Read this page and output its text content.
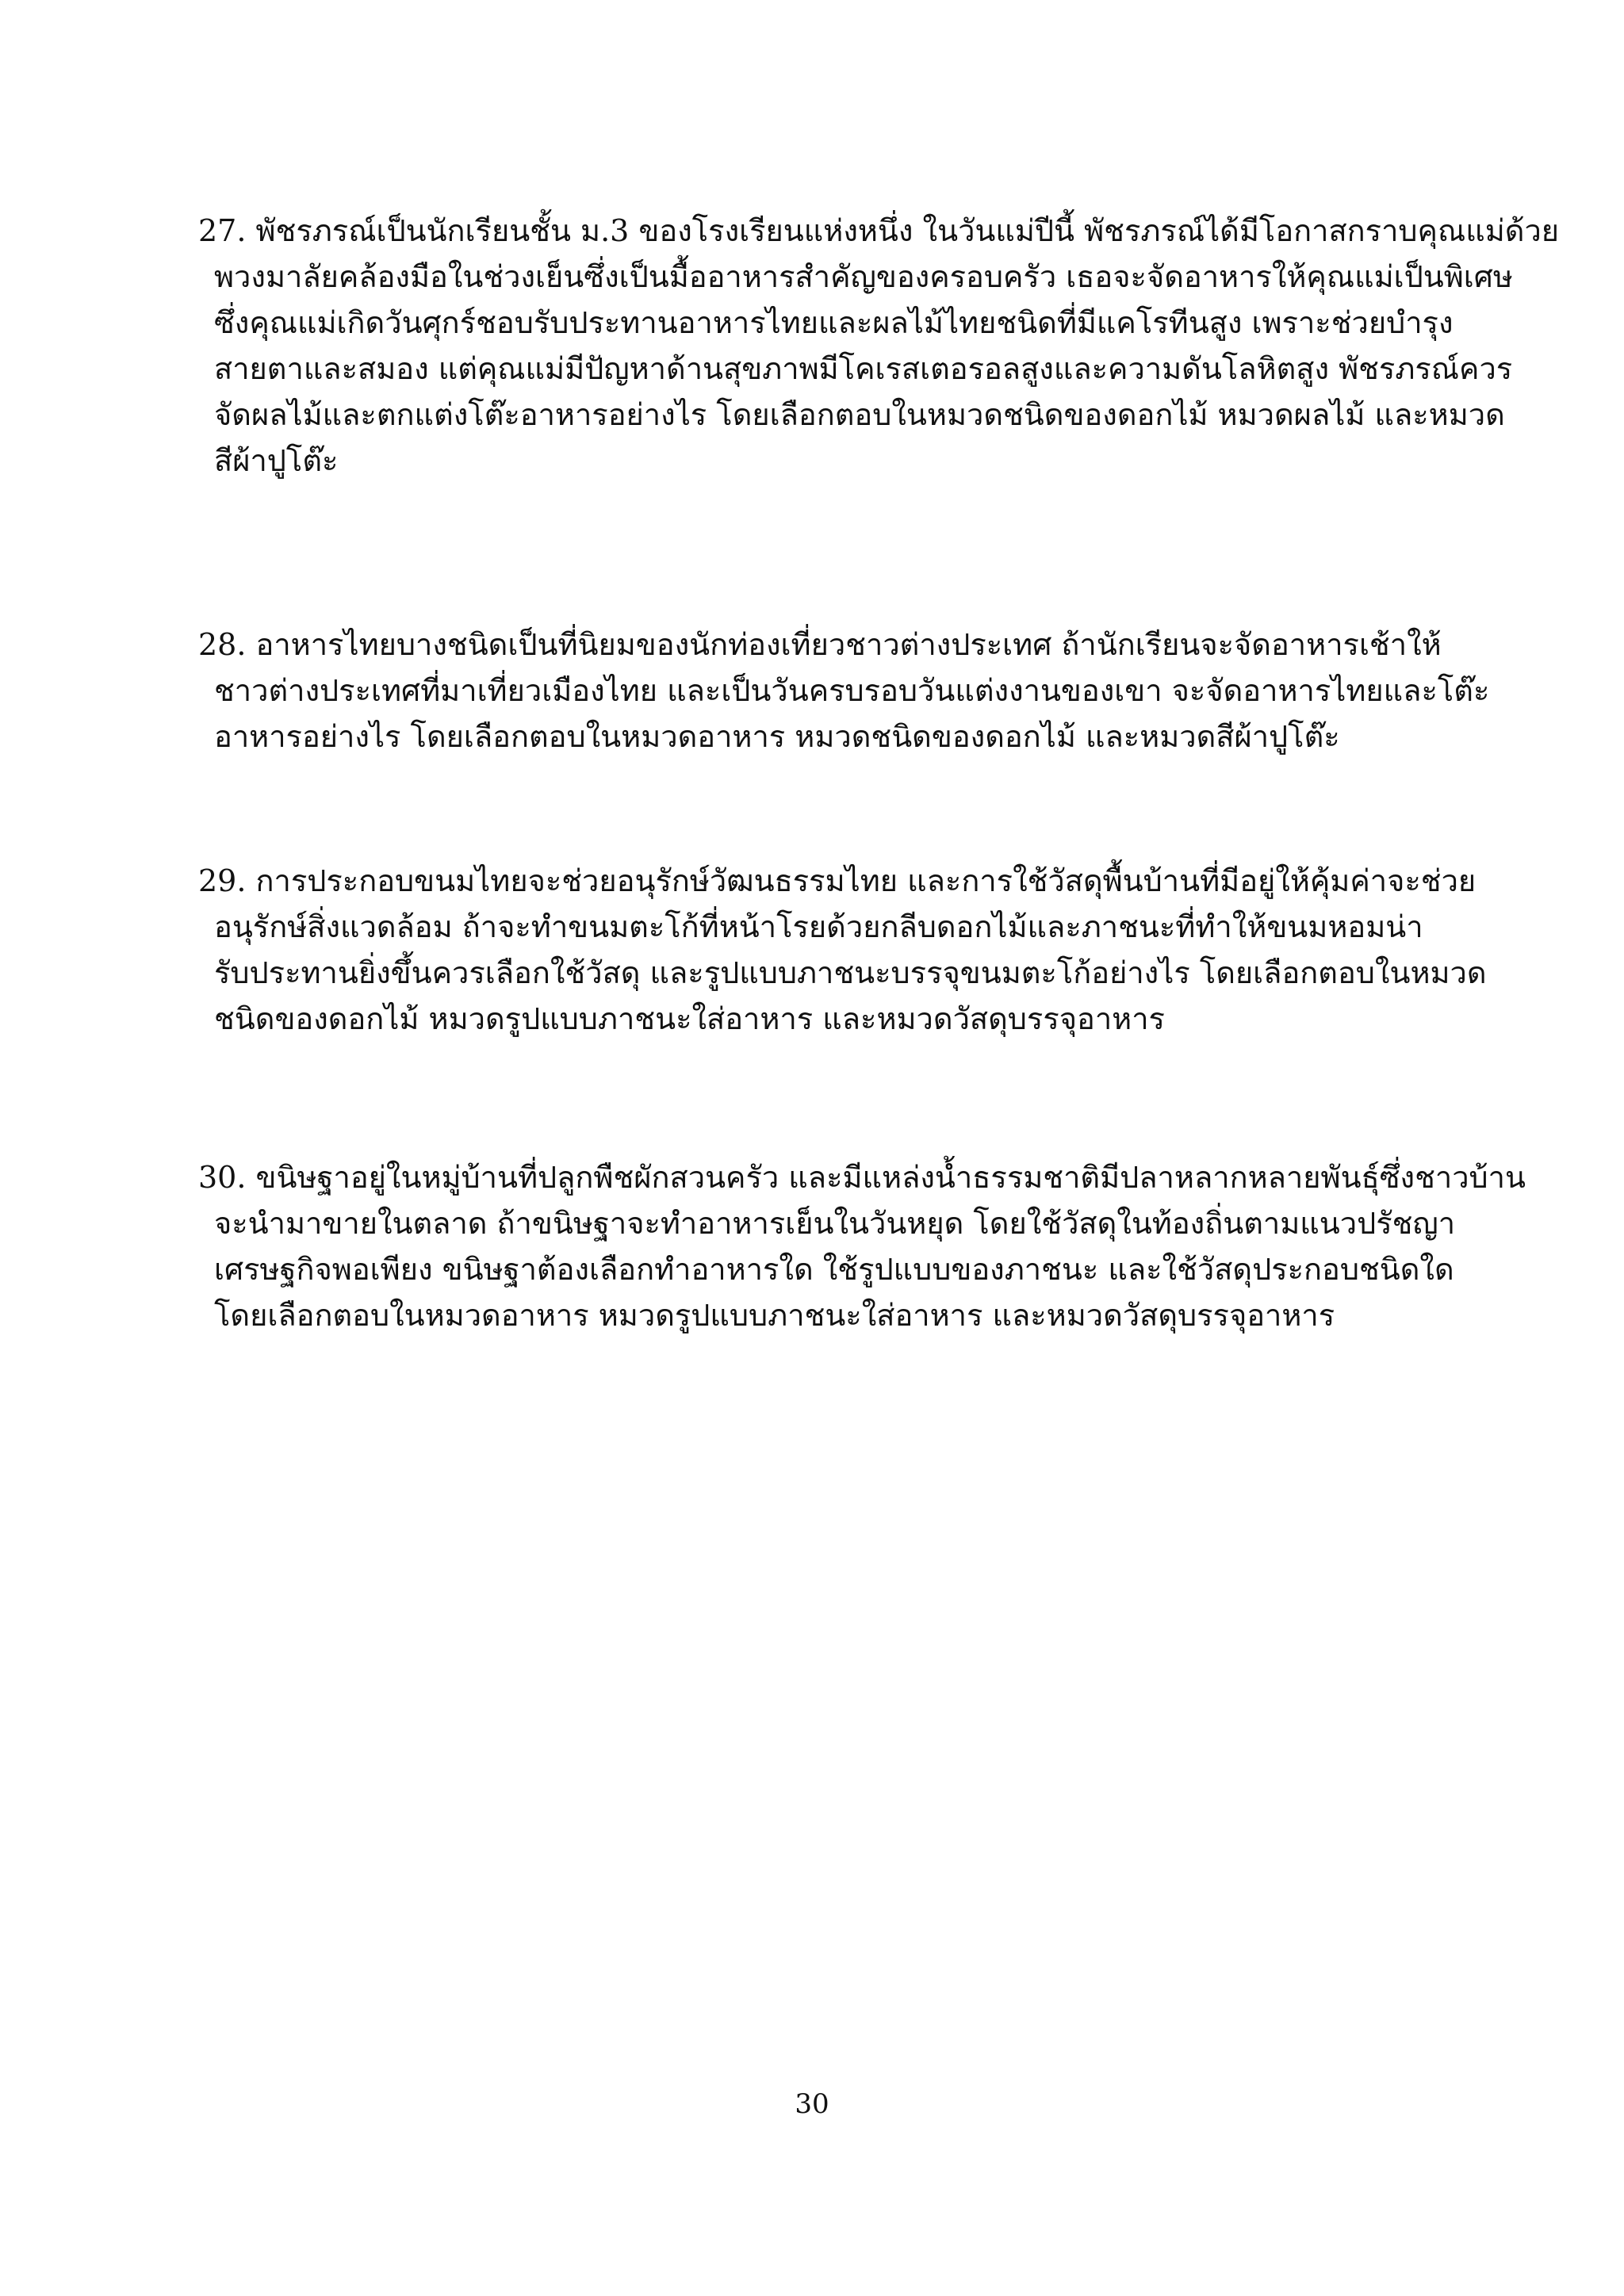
27. พัชรภรณ์เป็นนักเรียนชั้น ม.3 ของโรงเรียนแห่งหนึ่ง ในวันแม่ปีนี้ พัชรภรณ์ได้มีโอกาสกราบคุณแม่ด้วย
พวงมาลัยคล้องมือในช่วงเย็นซึ่งเป็นมื้ออาหารสำคัญของครอบครัว เธอจะจัดอาหารให้คุณแม่เป็นพิเศษ
ซึ่งคุณแม่เกิดวันศุกร์ชอบรับประทานอาหารไทยและผลไม้ไทยชนิดที่มีแคโรทีนสูง เพราะช่วยบำรุง
สายตาและสมอง แต่คุณแม่มีปัญหาด้านสุขภาพมีโคเรสเตอรอลสูงและความดันโลหิตสูง พัชรภรณ์ควร
จัดผลไม้และตกแต่งโต๊ะอาหารอย่างไร โดยเลือกตอบในหมวดชนิดของดอกไม้ หมวดผลไม้ และหมวด
สีผ้าปูโต๊ะ
28. อาหารไทยบางชนิดเป็นที่นิยมของนักท่องเที่ยวชาวต่างประเทศ ถ้านักเรียนจะจัดอาหารเช้าให้
ชาวต่างประเทศที่มาเที่ยวเมืองไทย และเป็นวันครบรอบวันแต่งงานของเขา จะจัดอาหารไทยและโต๊ะ
อาหารอย่างไร โดยเลือกตอบในหมวดอาหาร หมวดชนิดของดอกไม้ และหมวดสีผ้าปูโต๊ะ
29. การประกอบขนมไทยจะช่วยอนุรักษ์วัฒนธรรมไทย และการใช้วัสดุพื้นบ้านที่มีอยู่ให้คุ้มค่าจะช่วย
อนุรักษ์สิ่งแวดล้อม ถ้าจะทำขนมตะโก้ที่หน้าโรยด้วยกลีบดอกไม้และภาชนะที่ทำให้ขนมหอมน่า
รับประทานยิ่งขึ้นควรเลือกใช้วัสดุ และรูปแบบภาชนะบรรจุขนมตะโก้อย่างไร โดยเลือกตอบในหมวด
ชนิดของดอกไม้ หมวดรูปแบบภาชนะใส่อาหาร และหมวดวัสดุบรรจุอาหาร
30. ขนิษฐาอยู่ในหมู่บ้านที่ปลูกพืชผักสวนครัว และมีแหล่งน้ำธรรมชาติมีปลาหลากหลายพันธุ์ซึ่งชาวบ้าน
จะนำมาขายในตลาด ถ้าขนิษฐาจะทำอาหารเย็นในวันหยุด โดยใช้วัสดุในท้องถิ่นตามแนวปรัชญา
เศรษฐกิจพอเพียง ขนิษฐาต้องเลือกทำอาหารใด ใช้รูปแบบของภาชนะ และใช้วัสดุประกอบชนิดใด
โดยเลือกตอบในหมวดอาหาร หมวดรูปแบบภาชนะใส่อาหาร และหมวดวัสดุบรรจุอาหาร
30
